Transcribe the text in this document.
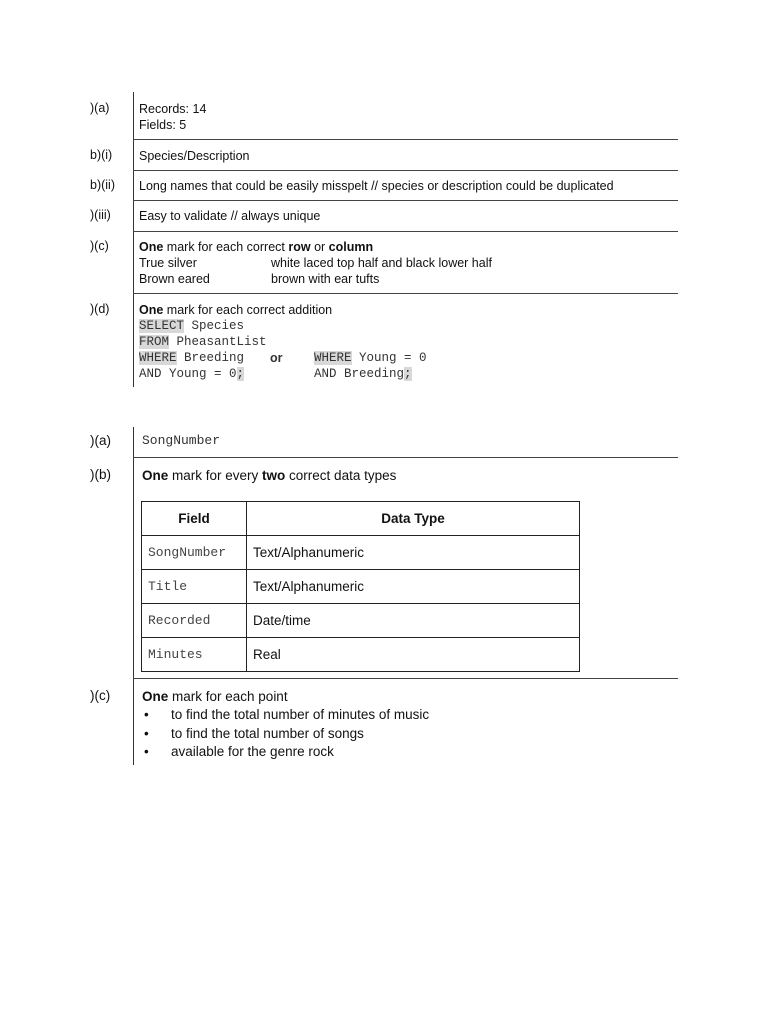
)(a) Records: 14
Fields: 5
b)(i) Species/Description
b)(ii) Long names that could be easily misspelt // species or description could be duplicated
)(iii) Easy to validate // always unique
)(c) One mark for each correct row or column
True silver	white laced top half and black lower half
Brown eared	brown with ear tufts
)(d) One mark for each correct addition
SELECT Species
FROM PheasantList
WHERE Breeding or	WHERE Young = 0
AND Young = 0;	AND Breeding;
)(a) SongNumber
)(b) One mark for every two correct data types
Field	Data Type
SongNumber	Text/Alphanumeric
Title	Text/Alphanumeric
Recorded	Date/time
Minutes	Real
)(c) One mark for each point
• to find the total number of minutes of music
• to find the total number of songs
• available for the genre rock
